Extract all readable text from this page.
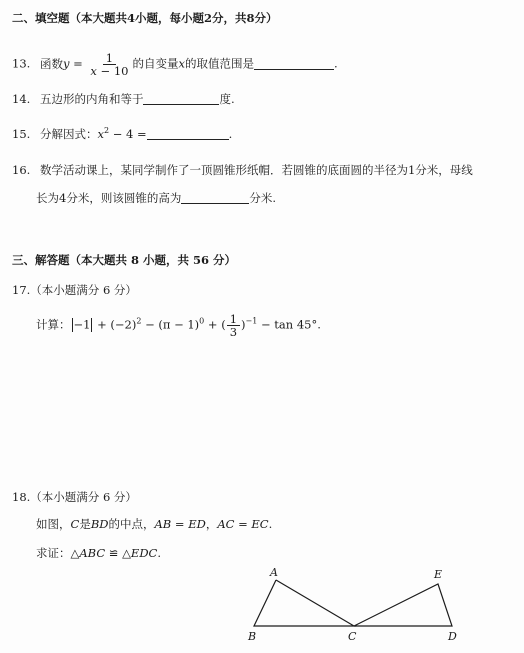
二、填空题（本大题共4小题，每小题2分，共8分）
13. 函数$y = \frac{1}{x - 10}$ 的自变量x的取值范围是	.
14. 五边形的内角和等于	度.
15. 分解因式：$x^2 - 4$ =	.
16. 数学活动课上，某同学制作了一顶圆锥形纸帽．若圆锥的底面圆的半径为1分米，母线
长为4分米，则该圆锥的高为	分米.
三、解答题（本大题共 8 小题，共 56 分）
17.（本小题满分 6 分）
计算： $-1 + (-2)^2 - (\pi - 1)^0$ + ( $\frac{1}{3} )^{-1} - \tan 45^\circ$.
18.（本小题满分 6 分）
如图，C是BD的中点，AB = ED，AC = EC.
求证：△ABC ≌ △EDC.
A
B	C	D
E
